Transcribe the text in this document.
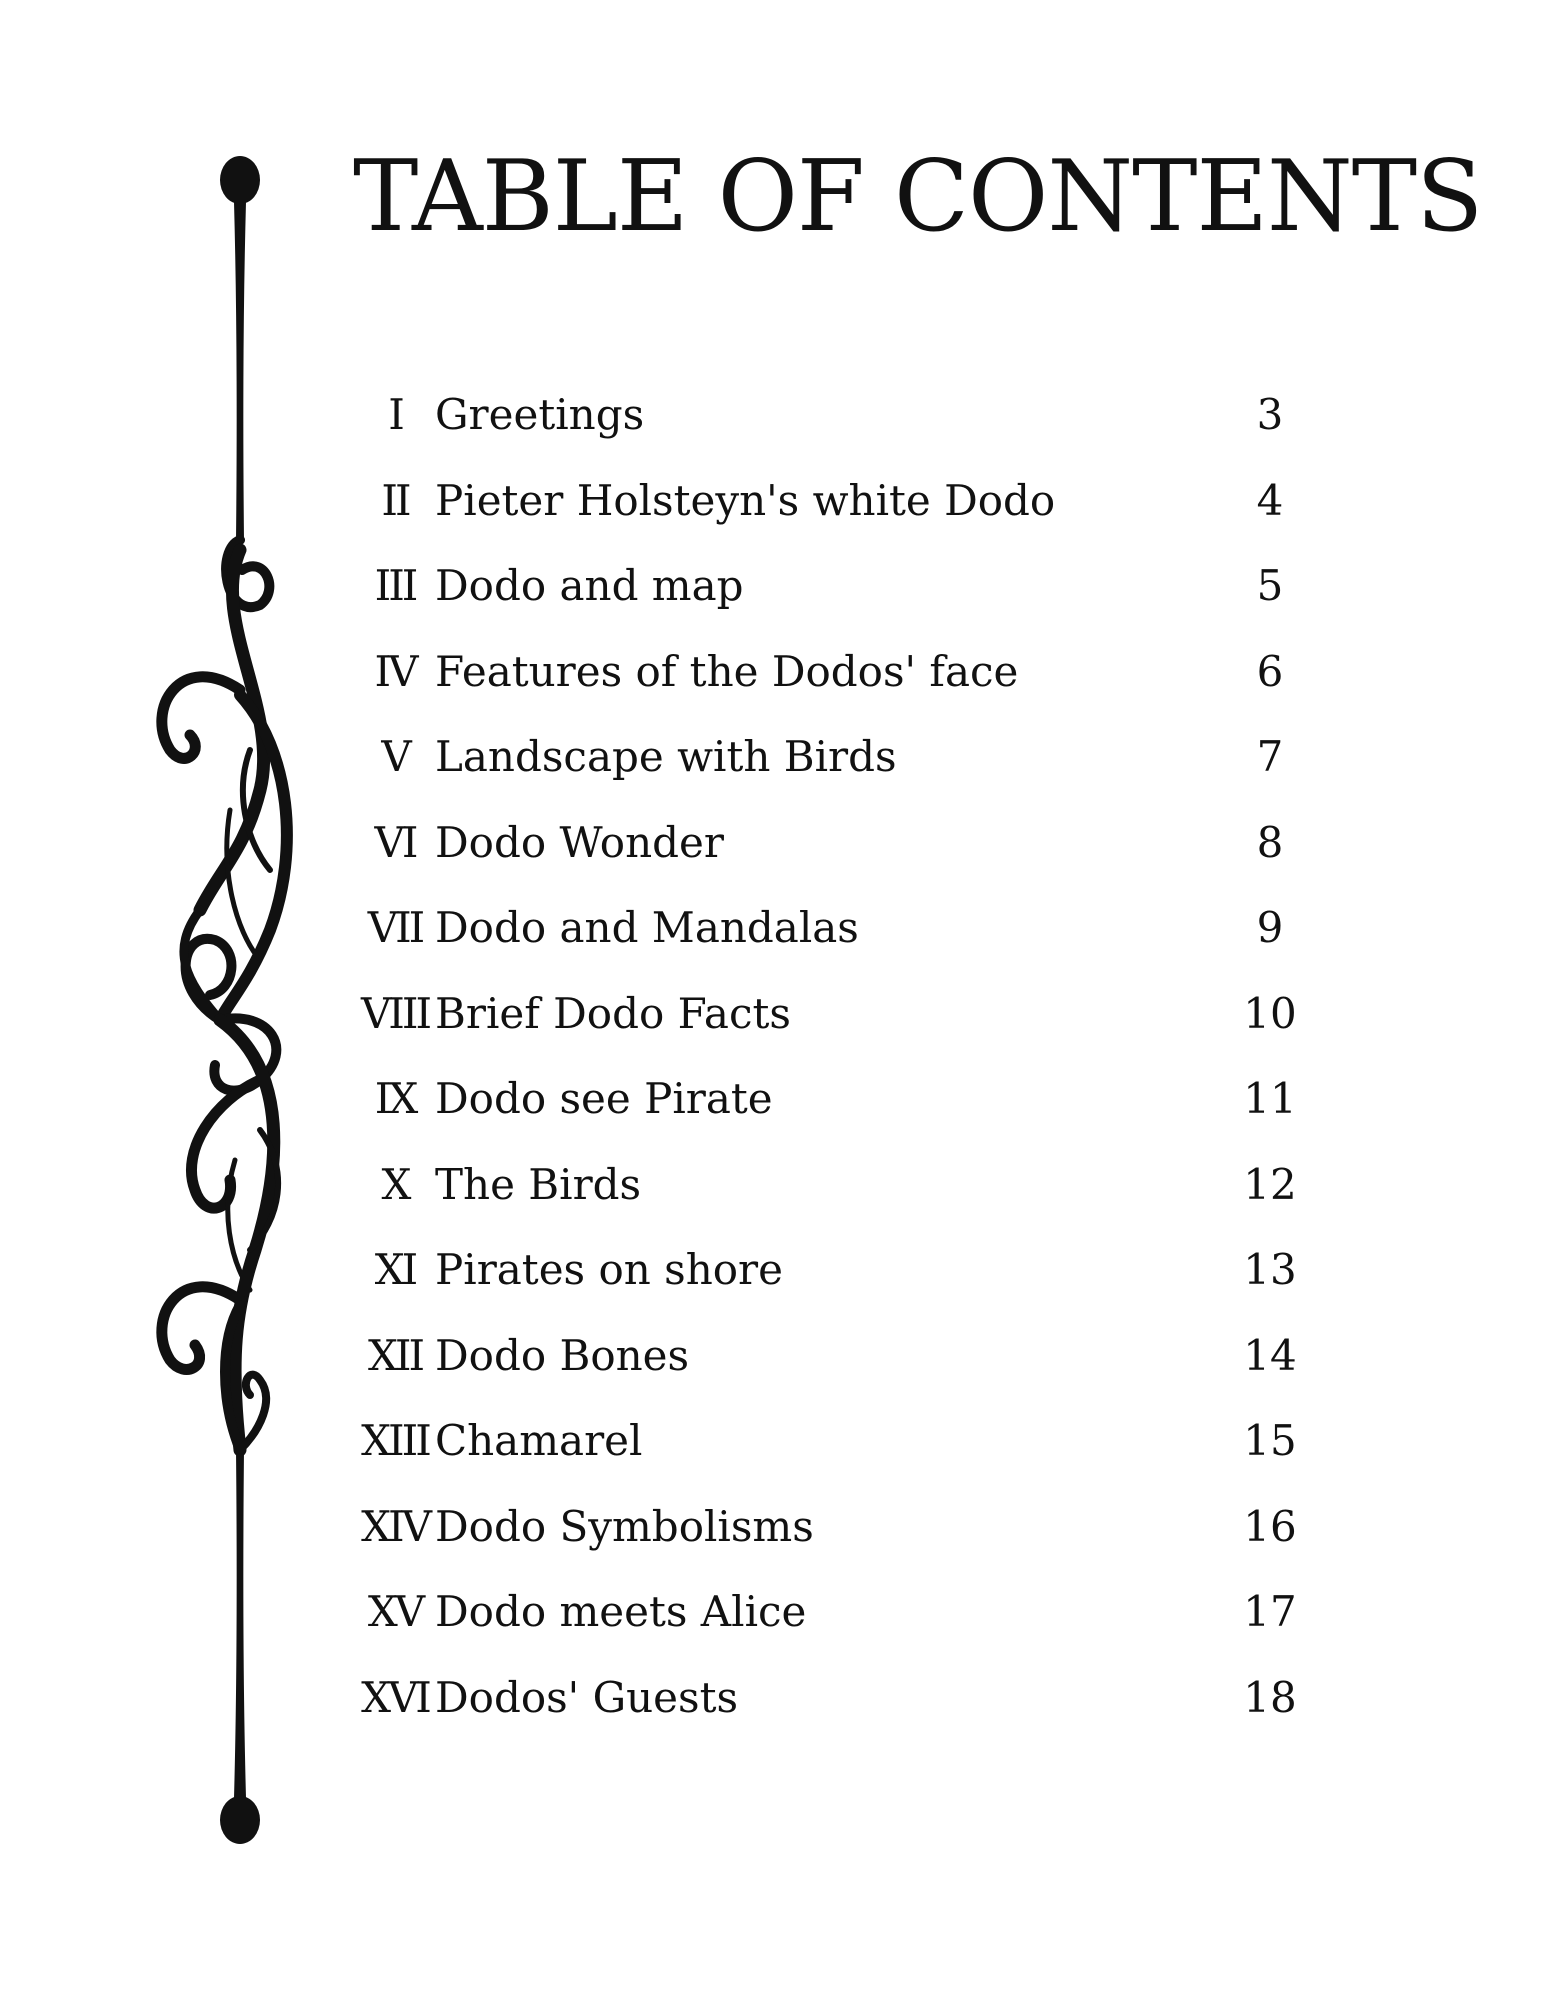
TABLE OF CONTENTS
I Greetings	3
II Pieter Holsteyn's white Dodo	4
III Dodo and map	5
IV Features of the Dodos' face	6
V Landscape with Birds	7
VI Dodo Wonder	8
VII Dodo and Mandalas	9
VIII Brief Dodo Facts	10
IX Dodo see Pirate	11
X The Birds	12
XI Pirates on shore	13
XII Dodo Bones	14
XIII Chamarel	15
XIV Dodo Symbolisms	16
XV Dodo meets Alice	17
XVI Dodos' Guests	18
